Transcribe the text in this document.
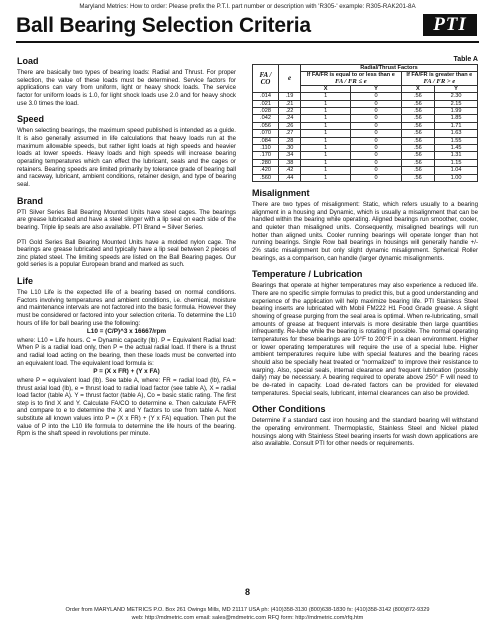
Maryland Metrics: How to order: Please prefix the P.T.I. part number or description with 'R305-' example: R305-RAK201-8A
Ball Bearing Selection Criteria	PTI
Load

There are basically two types of bearing loads: Radial and Thrust. For proper selection, the value of these loads must be determined. Service factors for applications can vary from uniform, light or heavy shock loads. The service factor for uniform loads is 1.0, for light shock loads use 2.0 and for heavy shock use 3.0 times the load.

Speed

When selecting bearings, the maximum speed published is intended as a guide. It is also generally assumed in life calculations that heavy loads run at the maximum allowable speeds, but rather light loads at high speeds and heavier loads at lower speeds. Heavy loads and high speeds will increase bearing operating temperatures which can effect the lubricant, seals and the cages or retainers. Bearing speeds are limited primarily by tolerance grade of bearing ball and raceway, lubricant, ambient conditions, retainer design, and type of bearing seal.

Brand

PTI Silver Series Ball Bearing Mounted Units have steel cages. The bearings are grease lubricated and have a steel slinger with a lip seal on each side of the bearing. Triple lip seals are also available. PTI Brand = Silver Series.

PTI Gold Series Ball Bearing Mounted Units have a molded nylon cage. The bearings are grease lubricated and typically have a lip seal between 2 pieces of zinc plated steel. The limiting speeds are listed on the Ball Bearing pages. Our gold series is a popular European brand and marked as such.

Life

The L10 Life is the expected life of a bearing based on normal conditions. Factors involving temperatures and ambient conditions, i.e. chemical, moisture and maintenance intervals are not factored into the basic formula. However they must be considered or factored into your selection criteria. To determine the L10 hours of life for ball bearing use the following:

L10 = (C/P)^3 x 16667/rpm

where: L10 = Life hours. C = Dynamic capacity (lb). P = Equivalent Radial load: When P is a radial load only, then P = the actual radial load. If there is a thrust and radial load acting on the bearing, then these loads must be converted into an equivalent load. The equivalent load formula is:

P = (X x FR) + (Y x FA)

where P = equivalent load (lb). See table A, where: FR = radial load (lb), FA = thrust axial load (lb), e = thrust load to radial load factor (see table A), X = radial load factor (table A). Y = thrust factor (table A), Co = basic static rating. The first step is to find X and Y. Calculate FA/CO to determine e. Then calculate FA/FR and compare to e to determine the X and Y factors to use from table A. Next substitute all known values into P = (X x FR) + (Y x FA) equation. Then put the value of P into the L10 life formula to determine the life hours of the bearing. Rpm is the shaft speed in revolutions per minute.

Table A
FA / CO	e	Radial/Thrust Factors			
		If FA/FR is equal to or less than e
FA / FR ≤ e		If FA/FR is greater than e
FA / FR > e	
		X	Y	X	Y
.014	.19	1	0	.56	2.30
.021	.21	1	0	.56	2.15
.028	.22	1	0	.56	1.99
.042	.24	1	0	.56	1.85
.056	.26	1	0	.56	1.71
.070	.27	1	0	.56	1.63
.084	.28	1	0	.56	1.55
.110	.30	1	0	.56	1.45
.170	.34	1	0	.56	1.31
.280	.38	1	0	.56	1.15
.420	.42	1	0	.56	1.04
.560	.44	1	0	.56	1.00
Misalignment

There are two types of misalignment: Static, which refers usually to a bearing alignment in a housing and Dynamic, which is usually a misalignment that can be handled within the bearing while operating. Aligned bearings run smoother, cooler, and quieter than misaligned units. Consequently, misaligned bearings will run hotter than aligned units. Cooler running bearings will operate longer than hot running bearings. Single Row ball bearings in housings will generally handle +/- 2% static misalignment but only slight dynamic misalignment. Spherical Roller bearings, as a comparison, can handle (larger dynamic misalignments.

Temperature / Lubrication

Bearings that operate at higher temperatures may also experience a reduced life. There are no specific simple formulas to predict this, but a good understanding and experience of the application will help maximize bearing life. PTI Stainless Steel bearing inserts are lubricated with Mobil FM222 H1 Food Grade grease. A slight showing of grease purging from the seal area is optimal. When re-lubricating, small amounts of grease at frequent intervals is more desirable then large quantities infrequently. Re-lube while the bearing is rotating if possible. The normal operating temperatures for these bearings are 10°F to 200°F in a clean environment. Higher or lower operating temperatures will require the use of a special lube. Higher ambient temperatures require lube with special features and the bearing races should also be specially heat treated or "normalized" to improve their resistance to warping. Also, special seals, internal clearance and frequent lubrication (possibly daily) may be necessary. A bearing required to operate above 250° F will need to be de-rated in capacity. Load de-rated factors can be provided for elevated temperatures. Special seals, lubricant, internal clearances can also be provided.

Other Conditions

Determine if a standard cast iron housing and the standard bearing will withstand the operating environment. Thermoplastic, Stainless Steel and Nickel plated housings along with Stainless Steel bearing inserts for wash down applications are also available. Consult PTI for other needs or requirements.

8
Order from MARYLAND METRICS P.O. Box 261 Owings Mills, MD 21117 USA ph: (410)358-3130 (800)638-1830 fx: (410)358-3142 (800)872-9329
web: http://mdmetric.com email: sales@mdmetric.com RFQ form: http://mdmetric.com/rfq.htm
